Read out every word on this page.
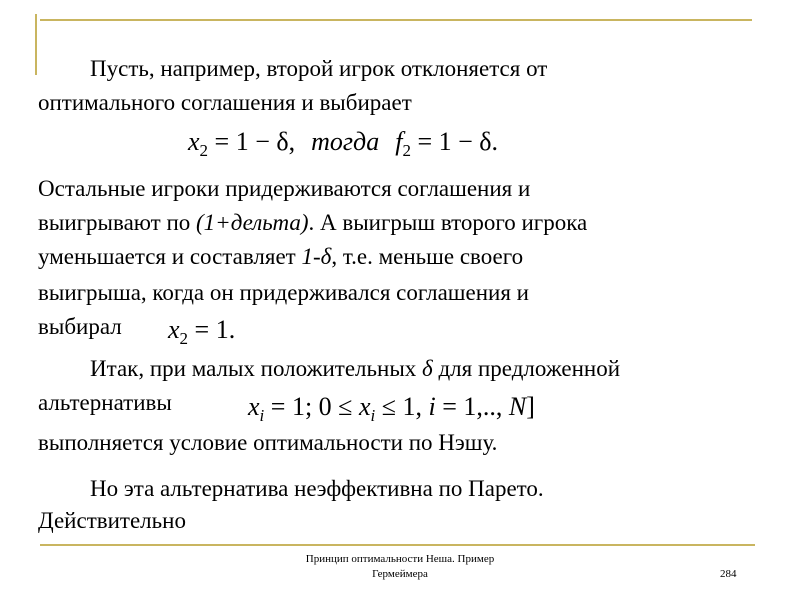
Пусть, например, второй игрок отклоняется от
оптимального соглашения и выбирает
$x_2 = 1 - \delta$, тогда $f_2 = 1 - \delta$.
Остальные игроки придерживаются соглашения и
выигрывают по (1+дельта). А выигрыш второго игрока
уменьшается и составляет 1-δ, т.е. меньше своего
выигрыша, когда он придерживался соглашения и
выбирал $x_2 = 1$.
Итак, при малых положительных δ для предложенной
альтернативы	$x_i = 1$; $0 \le x_i \le 1$, i = 1,.., N]
выполняется условие оптимальности по Нэшу.
Но эта альтернатива неэффективна по Парето.
Действительно
Принцип оптимальности Неша. Пример
Гермеймера	284
